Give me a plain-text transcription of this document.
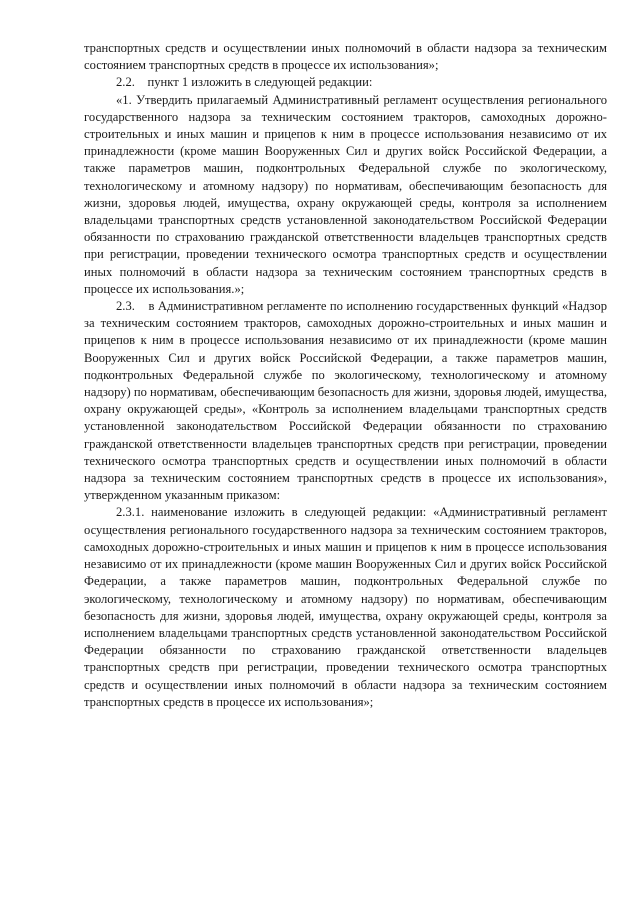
транспортных средств и осуществлении иных полномочий в области надзора за техническим состоянием транспортных средств в процессе их использования»;

2.2.    пункт 1 изложить в следующей редакции:

«1. Утвердить прилагаемый Административный регламент осуществления регионального государственного надзора за техническим состоянием тракторов, самоходных дорожно-строительных и иных машин и прицепов к ним в процессе использования независимо от их принадлежности (кроме машин Вооруженных Сил и других войск Российской Федерации, а также параметров машин, подконтрольных Федеральной службе по экологическому, технологическому и атомному надзору) по нормативам, обеспечивающим безопасность для жизни, здоровья людей, имущества, охрану окружающей среды, контроля за исполнением владельцами транспортных средств установленной законодательством Российской Федерации обязанности по страхованию гражданской ответственности владельцев транспортных средств при регистрации, проведении технического осмотра транспортных средств и осуществлении иных полномочий в области надзора за техническим состоянием транспортных средств в процессе их использования.»;

2.3.    в Административном регламенте по исполнению государственных функций «Надзор за техническим состоянием тракторов, самоходных дорожно-строительных и иных машин и прицепов к ним в процессе использования независимо от их принадлежности (кроме машин Вооруженных Сил и других войск Российской Федерации, а также параметров машин, подконтрольных Федеральной службе по экологическому, технологическому и атомному надзору) по нормативам, обеспечивающим безопасность для жизни, здоровья людей, имущества, охрану окружающей среды», «Контроль за исполнением владельцами транспортных средств установленной законодательством Российской Федерации обязанности по страхованию гражданской ответственности владельцев транспортных средств при регистрации, проведении технического осмотра транспортных средств и осуществлении иных полномочий в области надзора за техническим состоянием транспортных средств в процессе их использования», утвержденном указанным приказом:

2.3.1. наименование изложить в следующей редакции: «Административный регламент осуществления регионального государственного надзора за техническим состоянием тракторов, самоходных дорожно-строительных и иных машин и прицепов к ним в процессе использования независимо от их принадлежности (кроме машин Вооруженных Сил и других войск Российской Федерации, а также параметров машин, подконтрольных Федеральной службе по экологическому, технологическому и атомному надзору) по нормативам, обеспечивающим безопасность для жизни, здоровья людей, имущества, охрану окружающей среды, контроля за исполнением владельцами транспортных средств установленной законодательством Российской Федерации обязанности по страхованию гражданской ответственности владельцев транспортных средств при регистрации, проведении технического осмотра транспортных средств и осуществлении иных полномочий в области надзора за техническим состоянием транспортных средств в процессе их использования»;
